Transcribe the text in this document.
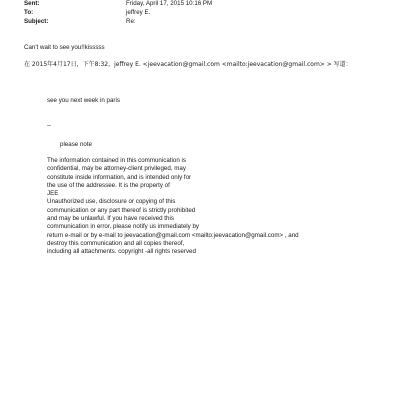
Sent:	Friday, April 17, 2015 10:16 PM
To:	jeffrey E.
Subject:	Re:
Can't wait to see you!!kisssss
在 2015年4月17日，下午8:32，jeffrey E. <jeevacation@gmail.com <mailto:jeevacation@gmail.com> > 写道：
see you next week in paris
--
please note
The information contained in this communication is
confidential, may be attorney-client privileged, may
constitute inside information, and is intended only for
the use of the addressee. It is the property of
JEE
Unauthorized use, disclosure or copying of this
communication or any part thereof is strictly prohibited
and may be unlawful. If you have received this
communication in error, please notify us immediately by
return e-mail or by e-mail to jeevacation@gmail.com <mailto:jeevacation@gmail.com> , and
destroy this communication and all copies thereof,
including all attachments. copyright -all rights reserved
